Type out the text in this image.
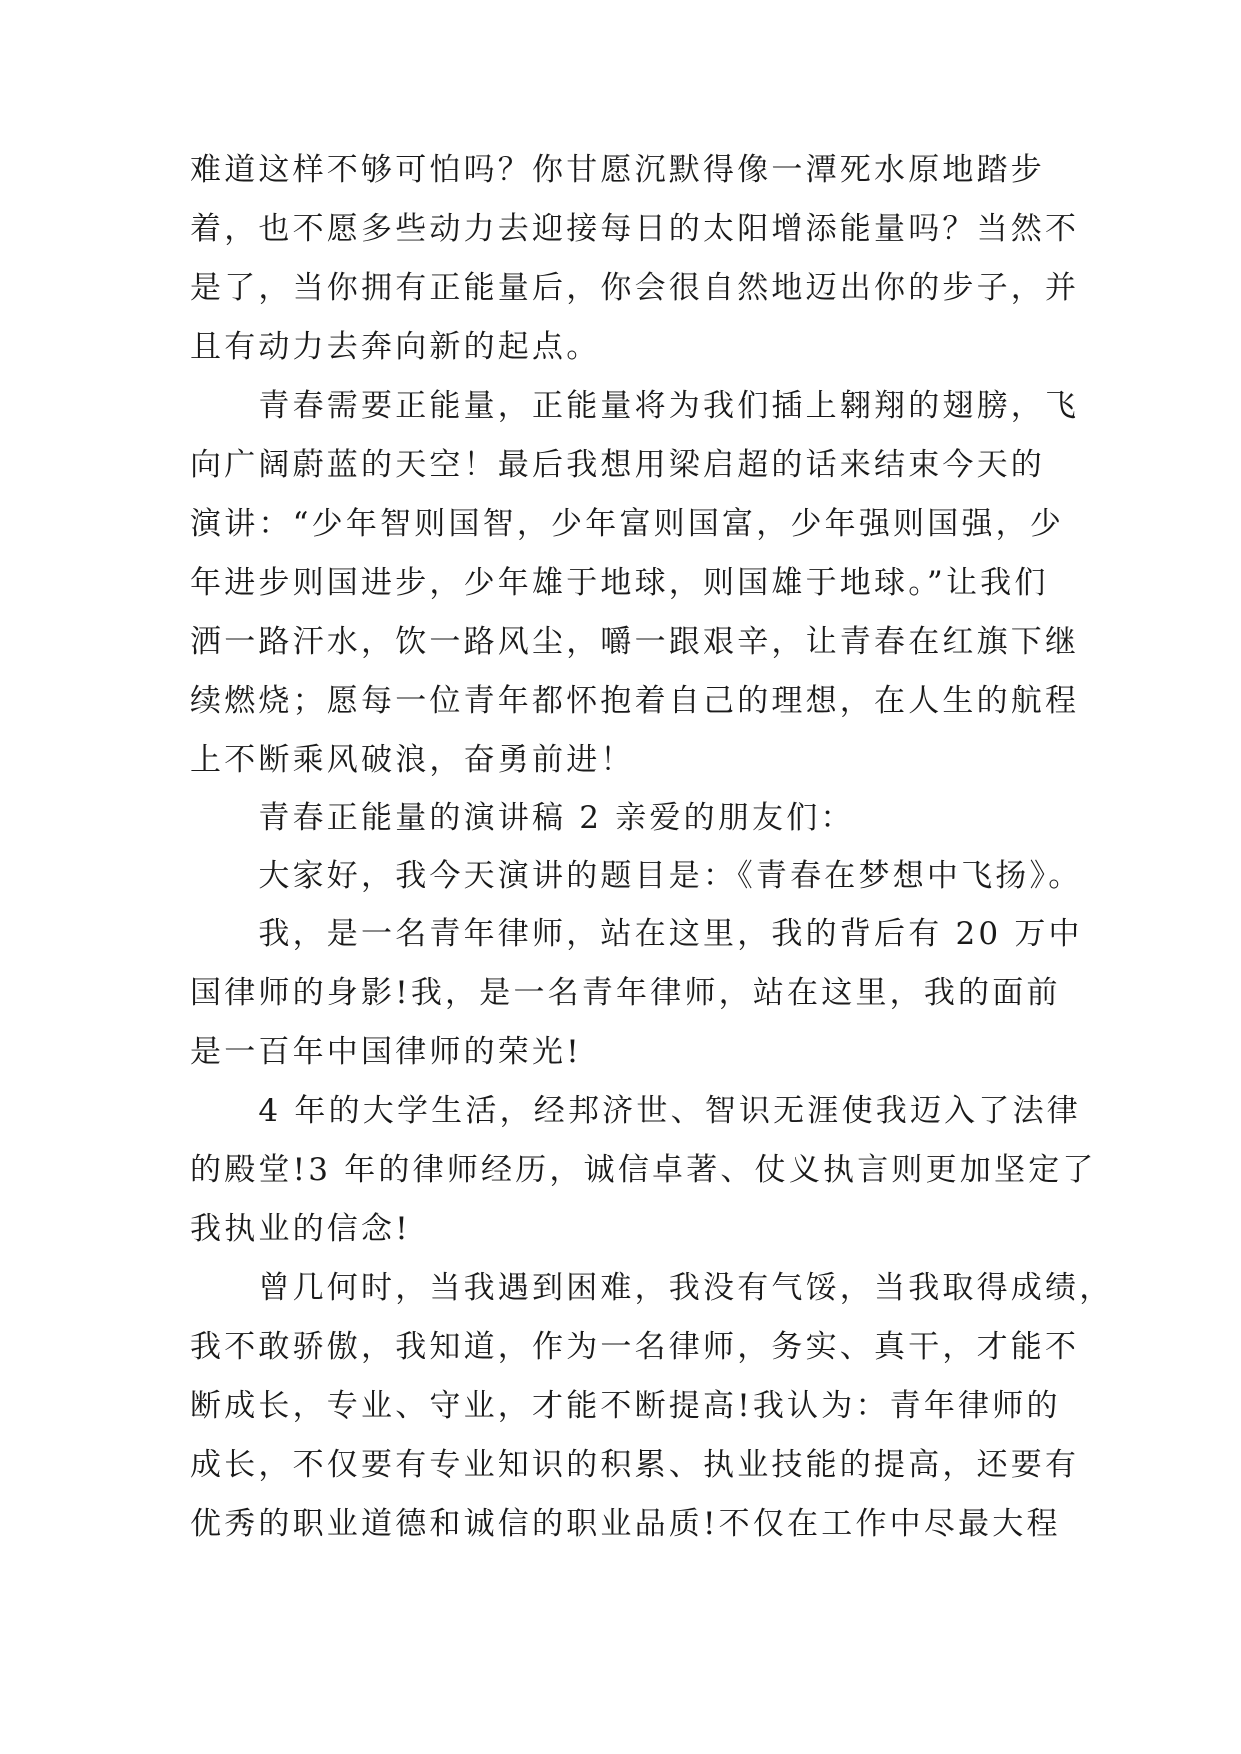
难道这样不够可怕吗？你甘愿沉默得像一潭死水原地踏步
着，也不愿多些动力去迎接每日的太阳增添能量吗？当然不
是了，当你拥有正能量后，你会很自然地迈出你的步子，并
且有动力去奔向新的起点。
　　青春需要正能量，正能量将为我们插上翱翔的翅膀，飞
向广阔蔚蓝的天空！最后我想用梁启超的话来结束今天的
演讲：“少年智则国智，少年富则国富，少年强则国强，少
年进步则国进步，少年雄于地球，则国雄于地球。”让我们
洒一路汗水，饮一路风尘，嚼一跟艰辛，让青春在红旗下继
续燃烧；愿每一位青年都怀抱着自己的理想，在人生的航程
上不断乘风破浪，奋勇前进！
　　青春正能量的演讲稿 2 亲爱的朋友们：
　　大家好，我今天演讲的题目是：《青春在梦想中飞扬》。
　　我，是一名青年律师，站在这里，我的背后有 20 万中
国律师的身影!我，是一名青年律师，站在这里，我的面前
是一百年中国律师的荣光!
　　4 年的大学生活，经邦济世、智识无涯使我迈入了法律
的殿堂!3 年的律师经历，诚信卓著、仗义执言则更加坚定了
我执业的信念!
　　曾几何时，当我遇到困难，我没有气馁，当我取得成绩，
我不敢骄傲，我知道，作为一名律师，务实、真干，才能不
断成长，专业、守业，才能不断提高!我认为：青年律师的
成长，不仅要有专业知识的积累、执业技能的提高，还要有
优秀的职业道德和诚信的职业品质!不仅在工作中尽最大程
